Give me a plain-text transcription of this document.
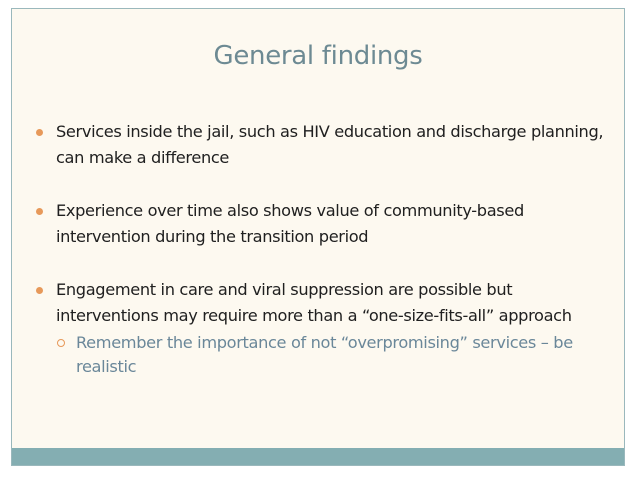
General findings
Services inside the jail, such as HIV education and discharge planning, can make a difference
Experience over time also shows value of community-based intervention during the transition period
Engagement in care and viral suppression are possible but interventions may require more than a “one-size-fits-all” approach
Remember the importance of not “overpromising” services – be realistic
